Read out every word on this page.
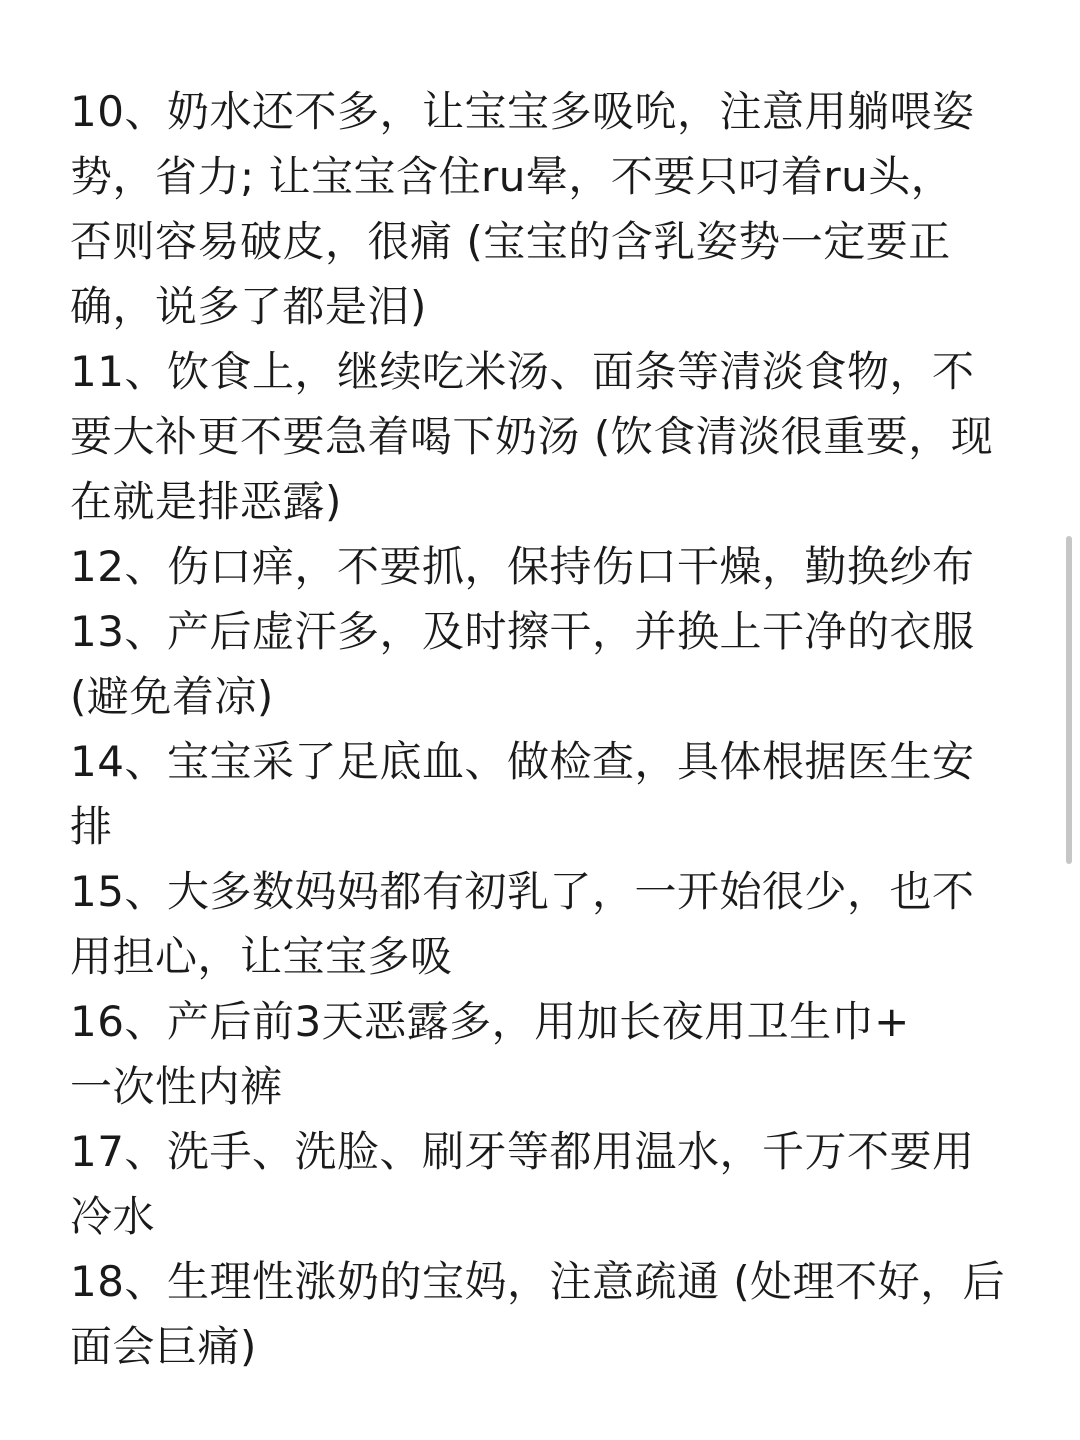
10、奶水还不多，让宝宝多吸吮，注意用躺喂姿
势，省力; 让宝宝含住ru晕，不要只叼着ru头，
否则容易破皮，很痛 (宝宝的含乳姿势一定要正
确，说多了都是泪)
11、饮食上，继续吃米汤、面条等清淡食物，不
要大补更不要急着喝下奶汤 (饮食清淡很重要，现
在就是排恶露)
12、伤口痒，不要抓，保持伤口干燥，勤换纱布
13、产后虚汗多，及时擦干，并换上干净的衣服
(避免着凉)
14、宝宝采了足底血、做检查，具体根据医生安
排
15、大多数妈妈都有初乳了，一开始很少，也不
用担心，让宝宝多吸
16、产后前3天恶露多，用加长夜用卫生巾+
一次性内裤
17、洗手、洗脸、刷牙等都用温水，千万不要用
冷水
18、生理性涨奶的宝妈，注意疏通 (处理不好，后
面会巨痛)
